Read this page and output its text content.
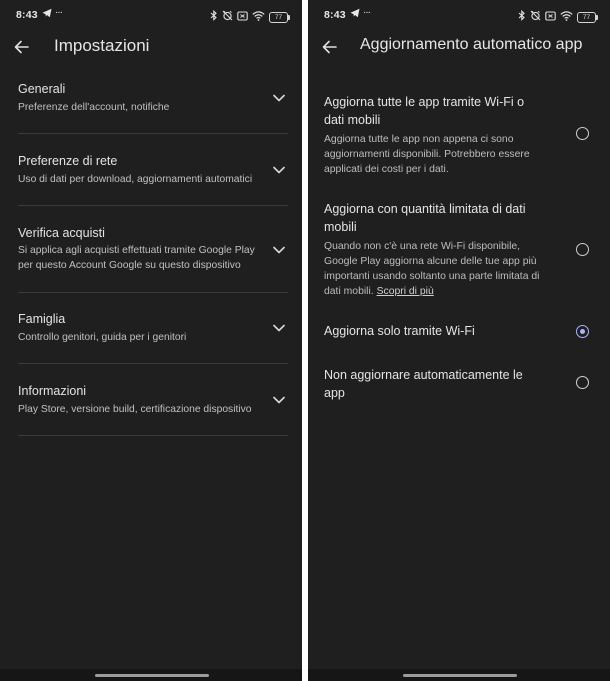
8:43 ···	77
Impostazioni
Generali
Preferenze dell'account, notifiche
Preferenze di rete
Uso di dati per download, aggiornamenti automatici
Verifica acquisti
Si applica agli acquisti effettuati tramite Google Play per questo Account Google su questo dispositivo
Famiglia
Controllo genitori, guida per i genitori
Informazioni
Play Store, versione build, certificazione dispositivo
8:43 ···	77
Aggiornamento automatico app
Aggiorna tutte le app tramite Wi-Fi o dati mobili
Aggiorna tutte le app non appena ci sono aggiornamenti disponibili. Potrebbero essere applicati dei costi per i dati.
Aggiorna con quantità limitata di dati mobili
Quando non c'è una rete Wi-Fi disponibile, Google Play aggiorna alcune delle tue app più importanti usando soltanto una parte limitata di dati mobili. Scopri di più
Aggiorna solo tramite Wi-Fi
Non aggiornare automaticamente le app
